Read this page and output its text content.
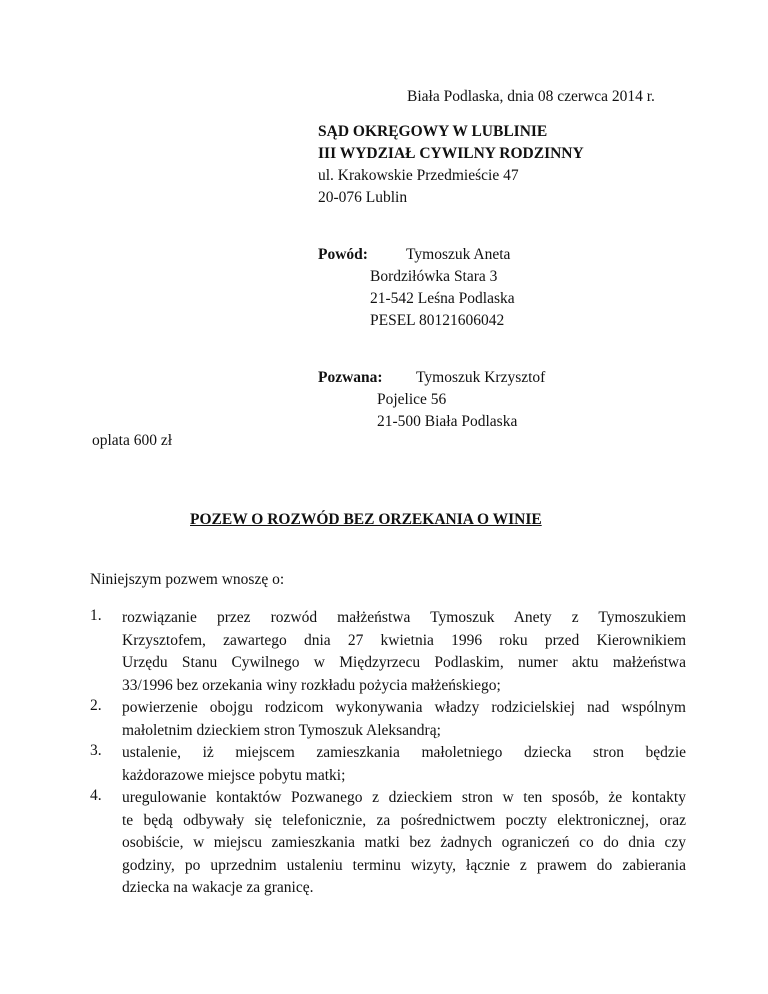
Biała Podlaska, dnia 08 czerwca 2014 r.
SĄD OKRĘGOWY W LUBLINIE
III WYDZIAŁ CYWILNY RODZINNY
ul. Krakowskie Przedmieście 47
20-076 Lublin
Powód: Tymoszuk Aneta
Bordziłówka Stara 3
21-542 Leśna Podlaska
PESEL 80121606042
Pozwana: Tymoszuk Krzysztof
Pojelice 56
21-500 Biała Podlaska
oplata 600 zł
POZEW O ROZWÓD BEZ ORZEKANIA O WINIE
Niniejszym pozwem wnoszę o:
1. rozwiązanie przez rozwód małżeństwa Tymoszuk Anety z Tymoszukiem
Krzysztofem, zawartego dnia 27 kwietnia 1996 roku przed Kierownikiem
Urzędu Stanu Cywilnego w Międzyrzecu Podlaskim, numer aktu małżeństwa
33/1996 bez orzekania winy rozkładu pożycia małżeńskiego;
2. powierzenie obojgu rodzicom wykonywania władzy rodzicielskiej nad wspólnym
małoletnim dzieckiem stron Tymoszuk Aleksandrą;
3. ustalenie, iż miejscem zamieszkania małoletniego dziecka stron będzie
każdorazowe miejsce pobytu matki;
4. uregulowanie kontaktów Pozwanego z dzieckiem stron w ten sposób, że kontakty
te będą odbywały się telefonicznie, za pośrednictwem poczty elektronicznej, oraz
osobiście, w miejscu zamieszkania matki bez żadnych ograniczeń co do dnia czy
godziny, po uprzednim ustaleniu terminu wizyty, łącznie z prawem do zabierania
dziecka na wakacje za granicę.
